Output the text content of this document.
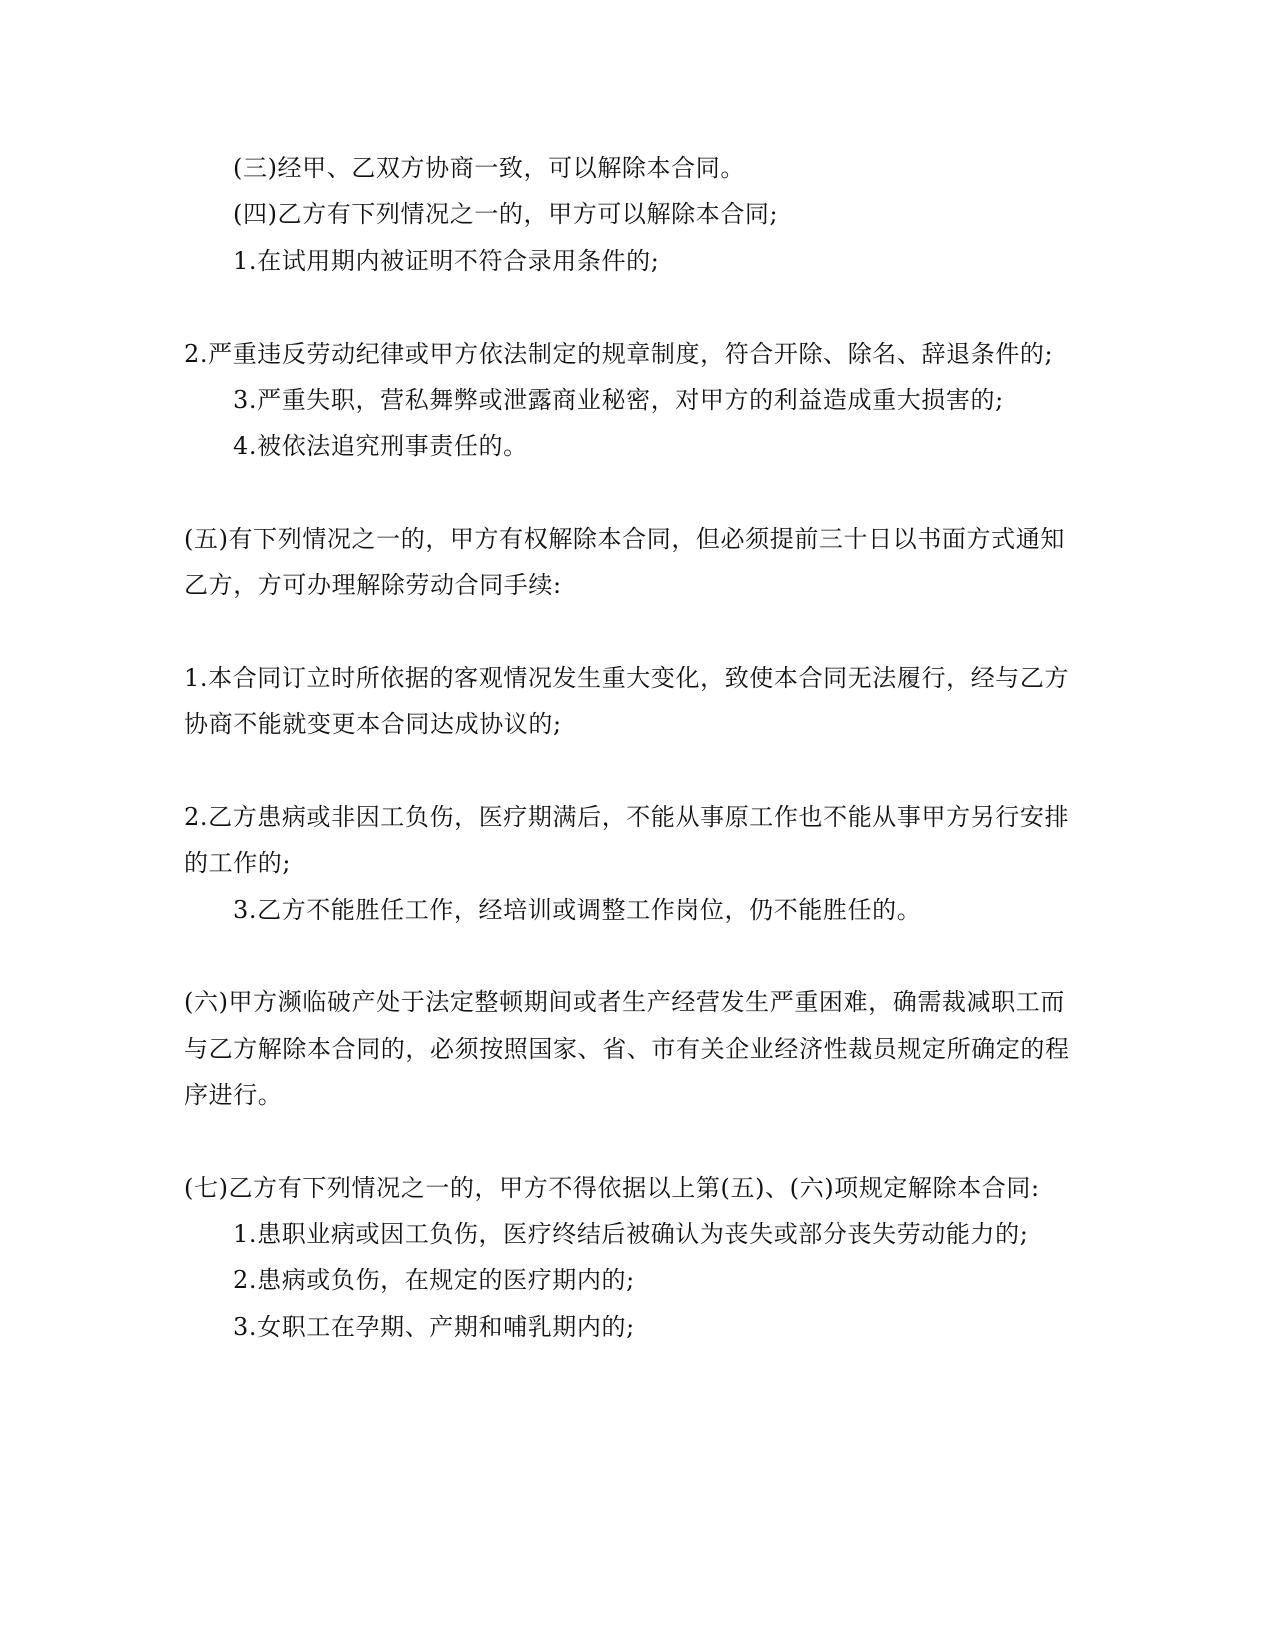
(三)经甲、乙双方协商一致，可以解除本合同。
(四)乙方有下列情况之一的，甲方可以解除本合同;
1.在试用期内被证明不符合录用条件的;
2.严重违反劳动纪律或甲方依法制定的规章制度，符合开除、除名、辞退条件的;
3.严重失职，营私舞弊或泄露商业秘密，对甲方的利益造成重大损害的;
4.被依法追究刑事责任的。
(五)有下列情况之一的，甲方有权解除本合同，但必须提前三十日以书面方式通知
乙方，方可办理解除劳动合同手续:
1.本合同订立时所依据的客观情况发生重大变化，致使本合同无法履行，经与乙方
协商不能就变更本合同达成协议的;
2.乙方患病或非因工负伤，医疗期满后，不能从事原工作也不能从事甲方另行安排
的工作的;
3.乙方不能胜任工作，经培训或调整工作岗位，仍不能胜任的。
(六)甲方濒临破产处于法定整顿期间或者生产经营发生严重困难，确需裁减职工而
与乙方解除本合同的，必须按照国家、省、市有关企业经济性裁员规定所确定的程
序进行。
(七)乙方有下列情况之一的，甲方不得依据以上第(五)、(六)项规定解除本合同:
1.患职业病或因工负伤，医疗终结后被确认为丧失或部分丧失劳动能力的;
2.患病或负伤，在规定的医疗期内的;
3.女职工在孕期、产期和哺乳期内的;
